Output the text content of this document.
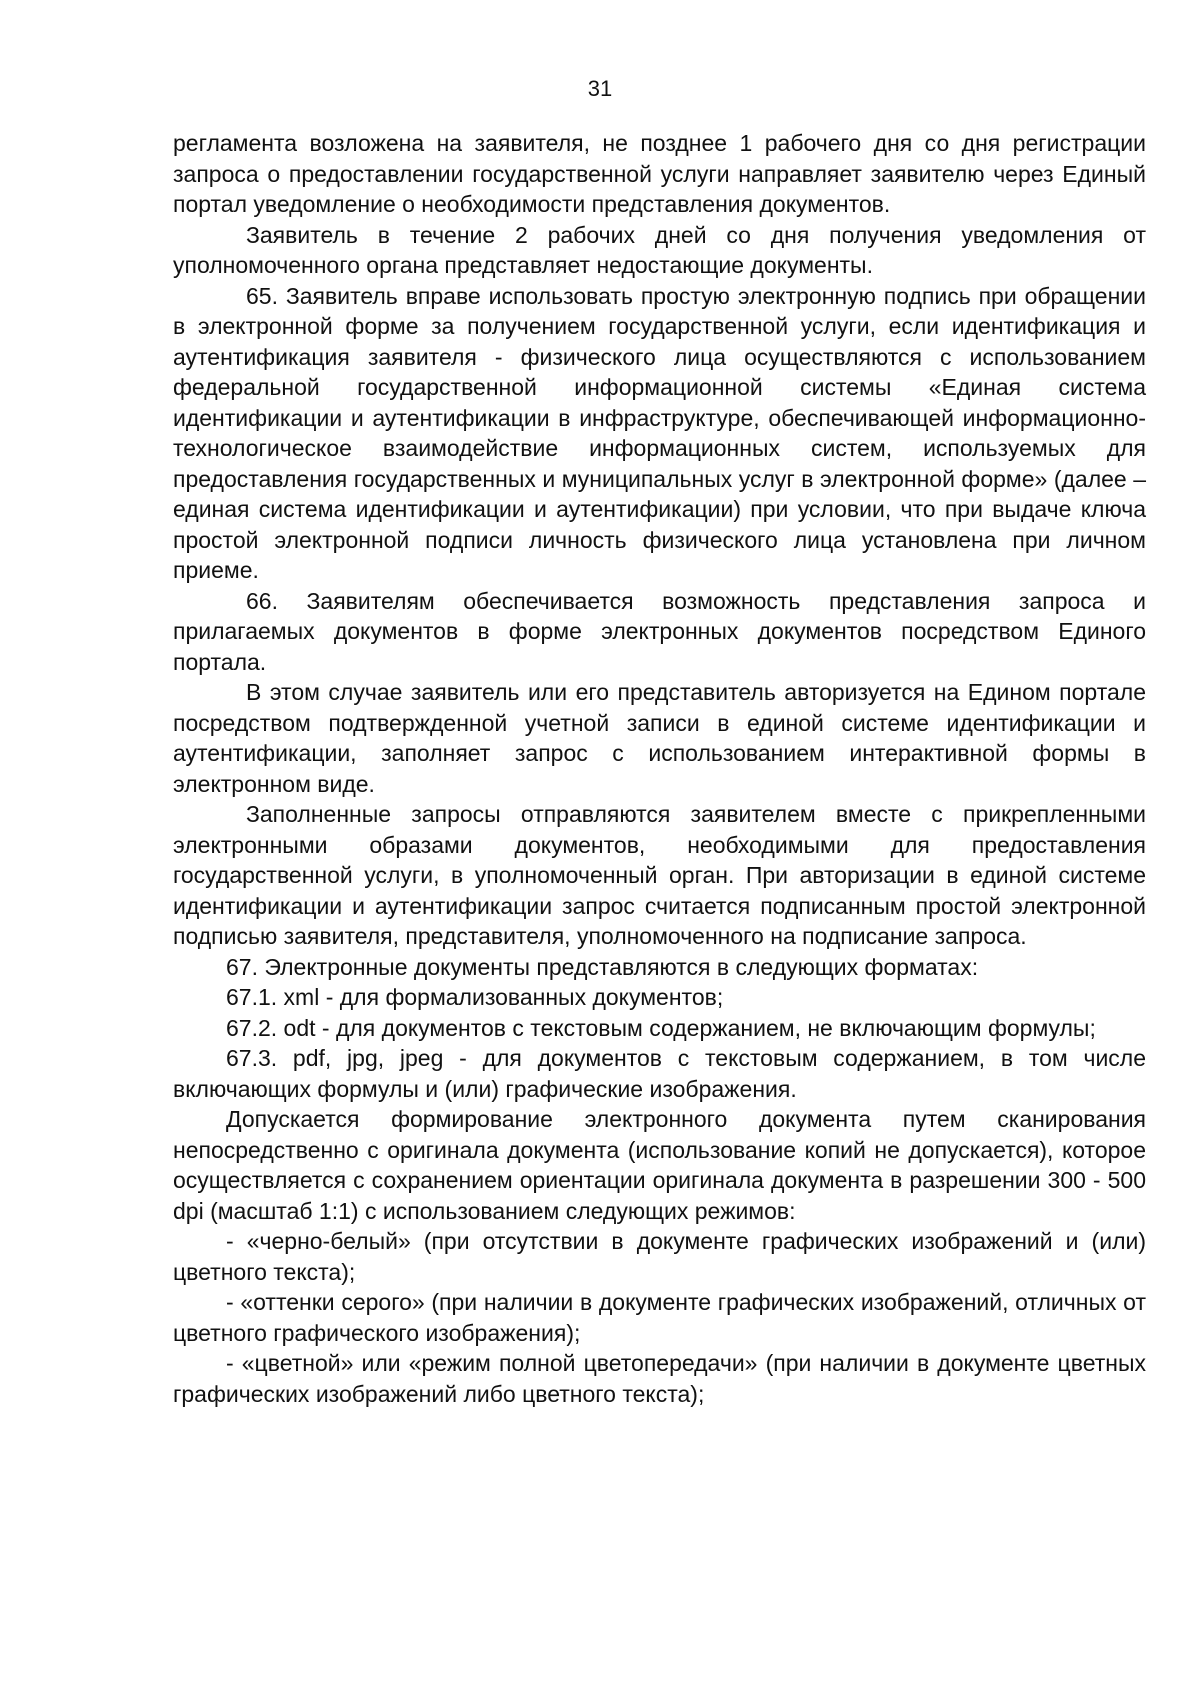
31

регламента возложена на заявителя, не позднее 1 рабочего дня со дня регистрации запроса о предоставлении государственной услуги направляет заявителю через Единый портал уведомление о необходимости представления документов.

Заявитель в течение 2 рабочих дней со дня получения уведомления от уполномоченного органа представляет недостающие документы.

65. Заявитель вправе использовать простую электронную подпись при обращении в электронной форме за получением государственной услуги, если идентификация и аутентификация заявителя - физического лица осуществляются с использованием федеральной государственной информационной системы «Единая система идентификации и аутентификации в инфраструктуре, обеспечивающей информационно-технологическое взаимодействие информационных систем, используемых для предоставления государственных и муниципальных услуг в электронной форме» (далее – единая система идентификации и аутентификации) при условии, что при выдаче ключа простой электронной подписи личность физического лица установлена при личном приеме.

66. Заявителям обеспечивается возможность представления запроса и прилагаемых документов в форме электронных документов посредством Единого портала.

В этом случае заявитель или его представитель авторизуется на Едином портале посредством подтвержденной учетной записи в единой системе идентификации и аутентификации, заполняет запрос с использованием интерактивной формы в электронном виде.

Заполненные запросы отправляются заявителем вместе с прикрепленными электронными образами документов, необходимыми для предоставления государственной услуги, в уполномоченный орган. При авторизации в единой системе идентификации и аутентификации запрос считается подписанным простой электронной подписью заявителя, представителя, уполномоченного на подписание запроса.

67. Электронные документы представляются в следующих форматах:

67.1. xml - для формализованных документов;

67.2. odt - для документов с текстовым содержанием, не включающим формулы;

67.3. pdf, jpg, jpeg - для документов с текстовым содержанием, в том числе включающих формулы и (или) графические изображения.

Допускается формирование электронного документа путем сканирования непосредственно с оригинала документа (использование копий не допускается), которое осуществляется с сохранением ориентации оригинала документа в разрешении 300 - 500 dpi (масштаб 1:1) с использованием следующих режимов:

- «черно-белый» (при отсутствии в документе графических изображений и (или) цветного текста);

- «оттенки серого» (при наличии в документе графических изображений, отличных от цветного графического изображения);

- «цветной» или «режим полной цветопередачи» (при наличии в документе цветных графических изображений либо цветного текста);
